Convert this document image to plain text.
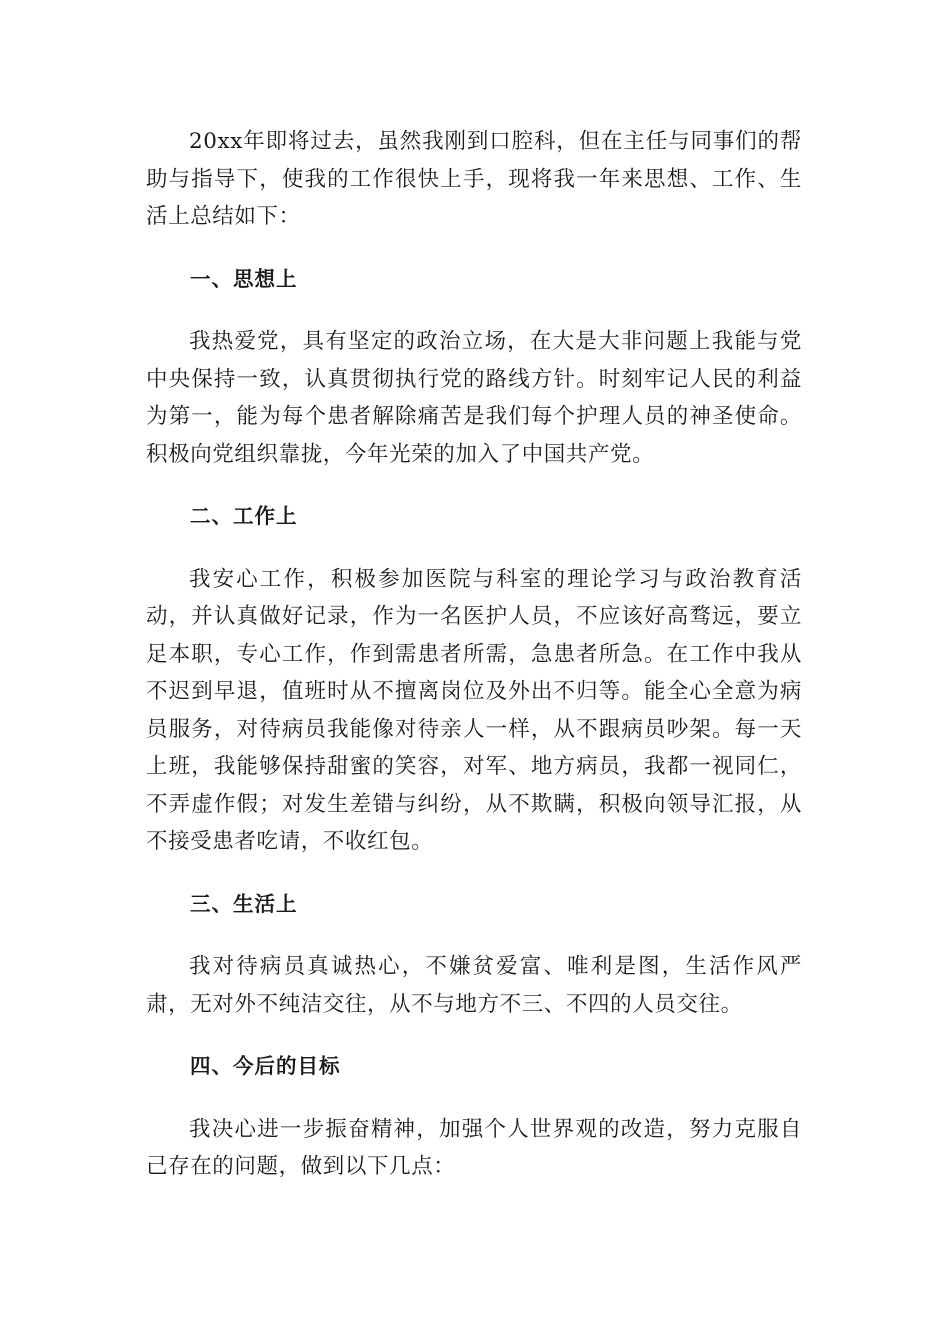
20xx年即将过去，虽然我刚到口腔科，但在主任与同事们的帮助与指导下，使我的工作很快上手，现将我一年来思想、工作、生活上总结如下：

一、思想上

我热爱党，具有坚定的政治立场，在大是大非问题上我能与党中央保持一致，认真贯彻执行党的路线方针。时刻牢记人民的利益为第一，能为每个患者解除痛苦是我们每个护理人员的神圣使命。积极向党组织靠拢，今年光荣的加入了中国共产党。

二、工作上

我安心工作，积极参加医院与科室的理论学习与政治教育活动，并认真做好记录，作为一名医护人员，不应该好高骛远，要立足本职，专心工作，作到需患者所需，急患者所急。在工作中我从不迟到早退，值班时从不擅离岗位及外出不归等。能全心全意为病员服务，对待病员我能像对待亲人一样，从不跟病员吵架。每一天上班，我能够保持甜蜜的笑容，对军、地方病员，我都一视同仁，不弄虚作假；对发生差错与纠纷，从不欺瞒，积极向领导汇报，从不接受患者吃请，不收红包。

三、生活上

我对待病员真诚热心，不嫌贫爱富、唯利是图，生活作风严肃，无对外不纯洁交往，从不与地方不三、不四的人员交往。

四、今后的目标

我决心进一步振奋精神，加强个人世界观的改造，努力克服自己存在的问题，做到以下几点：
